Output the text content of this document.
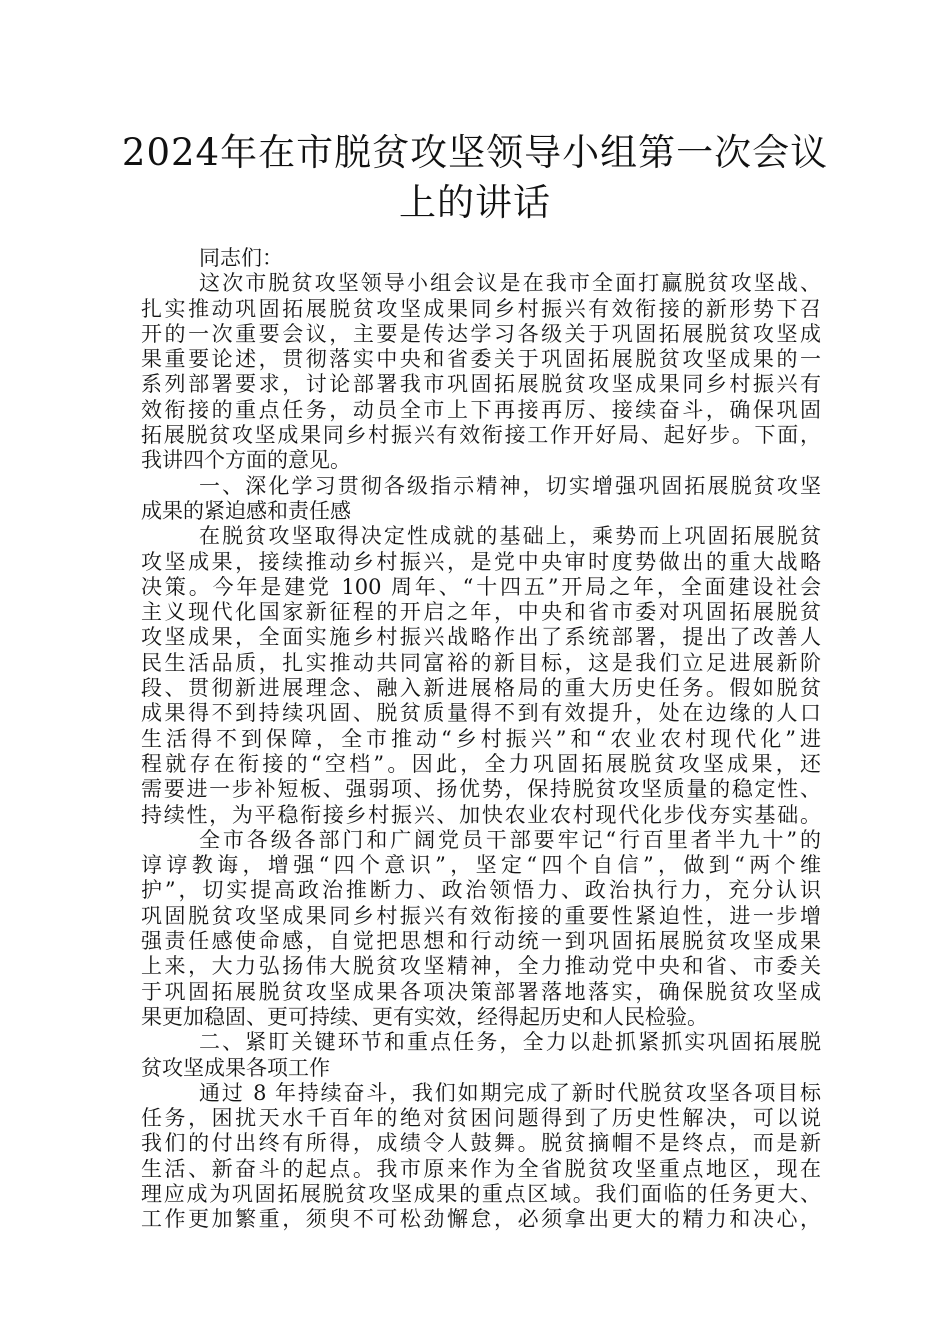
2024年在市脱贫攻坚领导小组第一次会议
上的讲话
同志们：
这次市脱贫攻坚领导小组会议是在我市全面打赢脱贫攻坚战、
扎实推动巩固拓展脱贫攻坚成果同乡村振兴有效衔接的新形势下召
开的一次重要会议，主要是传达学习各级关于巩固拓展脱贫攻坚成
果重要论述，贯彻落实中央和省委关于巩固拓展脱贫攻坚成果的一
系列部署要求，讨论部署我市巩固拓展脱贫攻坚成果同乡村振兴有
效衔接的重点任务，动员全市上下再接再厉、接续奋斗，确保巩固
拓展脱贫攻坚成果同乡村振兴有效衔接工作开好局、起好步。下面，
我讲四个方面的意见。
一、深化学习贯彻各级指示精神，切实增强巩固拓展脱贫攻坚
成果的紧迫感和责任感
在脱贫攻坚取得决定性成就的基础上，乘势而上巩固拓展脱贫
攻坚成果，接续推动乡村振兴，是党中央审时度势做出的重大战略
决策。今年是建党 100 周年、“十四五”开局之年，全面建设社会
主义现代化国家新征程的开启之年，中央和省市委对巩固拓展脱贫
攻坚成果，全面实施乡村振兴战略作出了系统部署，提出了改善人
民生活品质，扎实推动共同富裕的新目标，这是我们立足进展新阶
段、贯彻新进展理念、融入新进展格局的重大历史任务。假如脱贫
成果得不到持续巩固、脱贫质量得不到有效提升，处在边缘的人口
生活得不到保障，全市推动“乡村振兴”和“农业农村现代化”进
程就存在衔接的“空档”。因此，全力巩固拓展脱贫攻坚成果，还
需要进一步补短板、强弱项、扬优势，保持脱贫攻坚质量的稳定性、
持续性，为平稳衔接乡村振兴、加快农业农村现代化步伐夯实基础。
全市各级各部门和广阔党员干部要牢记“行百里者半九十”的
谆谆教诲，增强“四个意识”，坚定“四个自信”，做到“两个维
护”，切实提高政治推断力、政治领悟力、政治执行力，充分认识
巩固脱贫攻坚成果同乡村振兴有效衔接的重要性紧迫性，进一步增
强责任感使命感，自觉把思想和行动统一到巩固拓展脱贫攻坚成果
上来，大力弘扬伟大脱贫攻坚精神，全力推动党中央和省、市委关
于巩固拓展脱贫攻坚成果各项决策部署落地落实，确保脱贫攻坚成
果更加稳固、更可持续、更有实效，经得起历史和人民检验。
二、紧盯关键环节和重点任务，全力以赴抓紧抓实巩固拓展脱
贫攻坚成果各项工作
通过 8 年持续奋斗，我们如期完成了新时代脱贫攻坚各项目标
任务，困扰天水千百年的绝对贫困问题得到了历史性解决，可以说
我们的付出终有所得，成绩令人鼓舞。脱贫摘帽不是终点，而是新
生活、新奋斗的起点。我市原来作为全省脱贫攻坚重点地区，现在
理应成为巩固拓展脱贫攻坚成果的重点区域。我们面临的任务更大、
工作更加繁重，须臾不可松劲懈怠，必须拿出更大的精力和决心，
